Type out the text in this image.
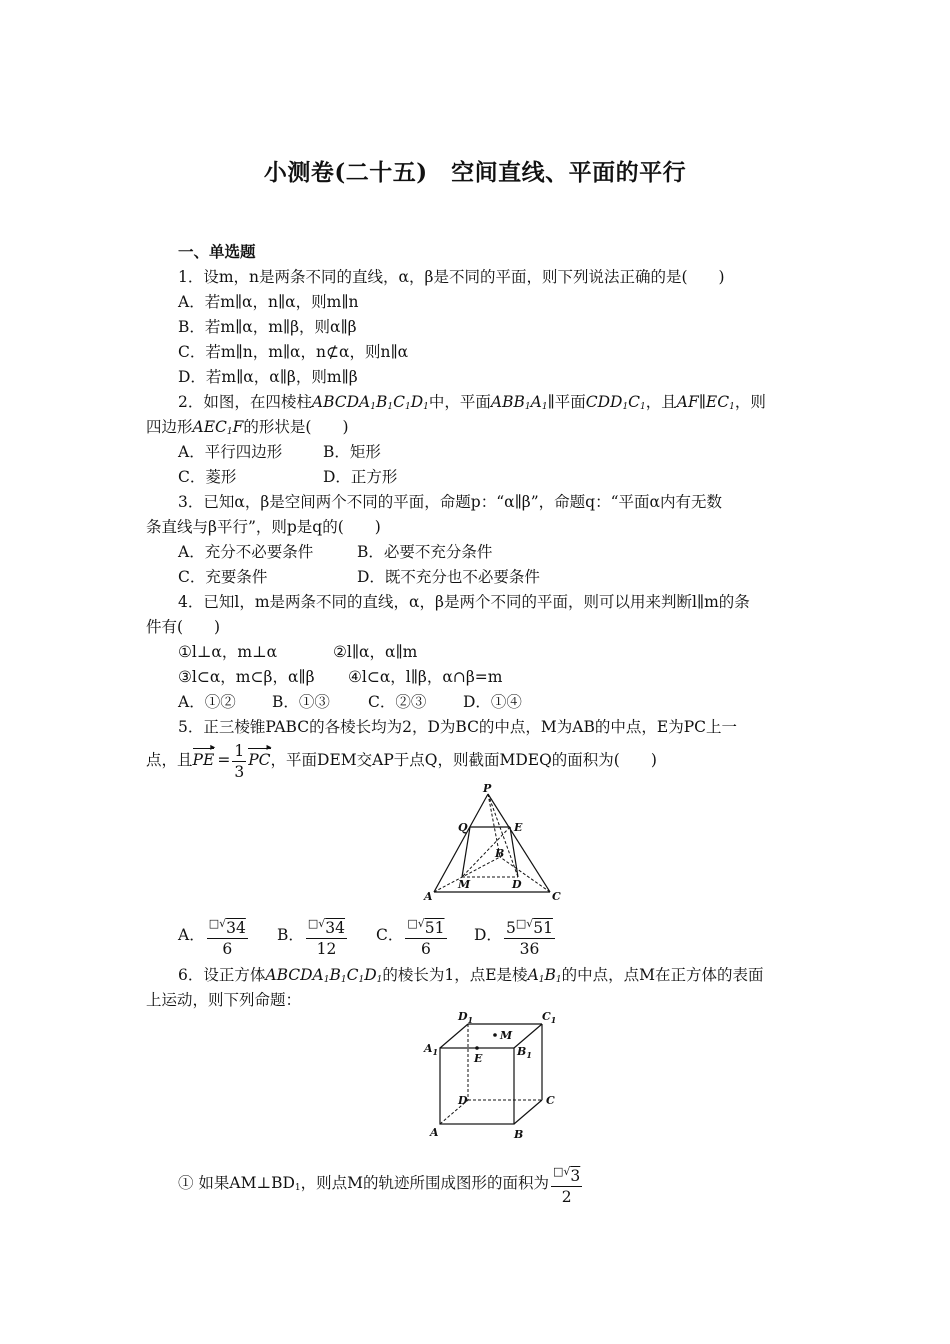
小测卷(二十五)　空间直线、平面的平行
一、单选题
1．设m，n是两条不同的直线，α，β是不同的平面，则下列说法正确的是(　　)
A．若m∥α，n∥α，则m∥n
B．若m∥α，m∥β，则α∥β
C．若m∥n，m∥α，n⊄α，则n∥α
D．若m∥α，α∥β，则m∥β
2．如图，在四棱柱$ABCDA_1B_1C_1D_1$中，平面$ABB_1A_1\parallel$平面$CDD_1C_1$，且$AF\parallel EC_1$，则
四边形$AEC_1F$的形状是(　　)
A．平行四边形	B．矩形
C．菱形	D．正方形
3．已知α，β是空间两个不同的平面，命题p：“α∥β”，命题q：“平面α内有无数
条直线与β平行”，则p是q的(　　)
A．充分不必要条件	B．必要不充分条件
C．充要条件	D．既不充分也不必要条件
4．已知l，m是两条不同的直线，α，β是两个不同的平面，则可以用来判断l∥m的条
件有(　　)
①l⊥α，m⊥α	②l∥α，α∥m
③l⊂α，m⊂β，α∥β ④l⊂α，l∥β，α∩β=m
A．①② B．①③ C．②③ D．①④
5．正三棱锥PABC的各棱长均为2，D为BC的中点，M为AB的中点，E为PC上一
点，且
▸
PE  = $\frac{1}{3}$ ▸
PC，平面DEM交AP于点Q，则截面MDEQ的面积为(　　)
P
Q	E
B
A
M	D
C
A． $\frac{□√34}{6}$ B． $\frac{□√34}{12}$ C． $\frac{□√51}{6}$ D． $\frac{5□√51}{36}$
6．设正方体$ABCDA_1B_1C_1D_1$的棱长为1，点E是棱$A_1B_1$的中点，点M在正方体的表面
上运动，则下列命题：
$D_1$	$C_1$
M
$A_1$	E
$B_1$
D	C
A	B
① 如果$AM\perp BD_1$，则点M的轨迹所围成图形的面积为 $\frac{□√3}{2}$
